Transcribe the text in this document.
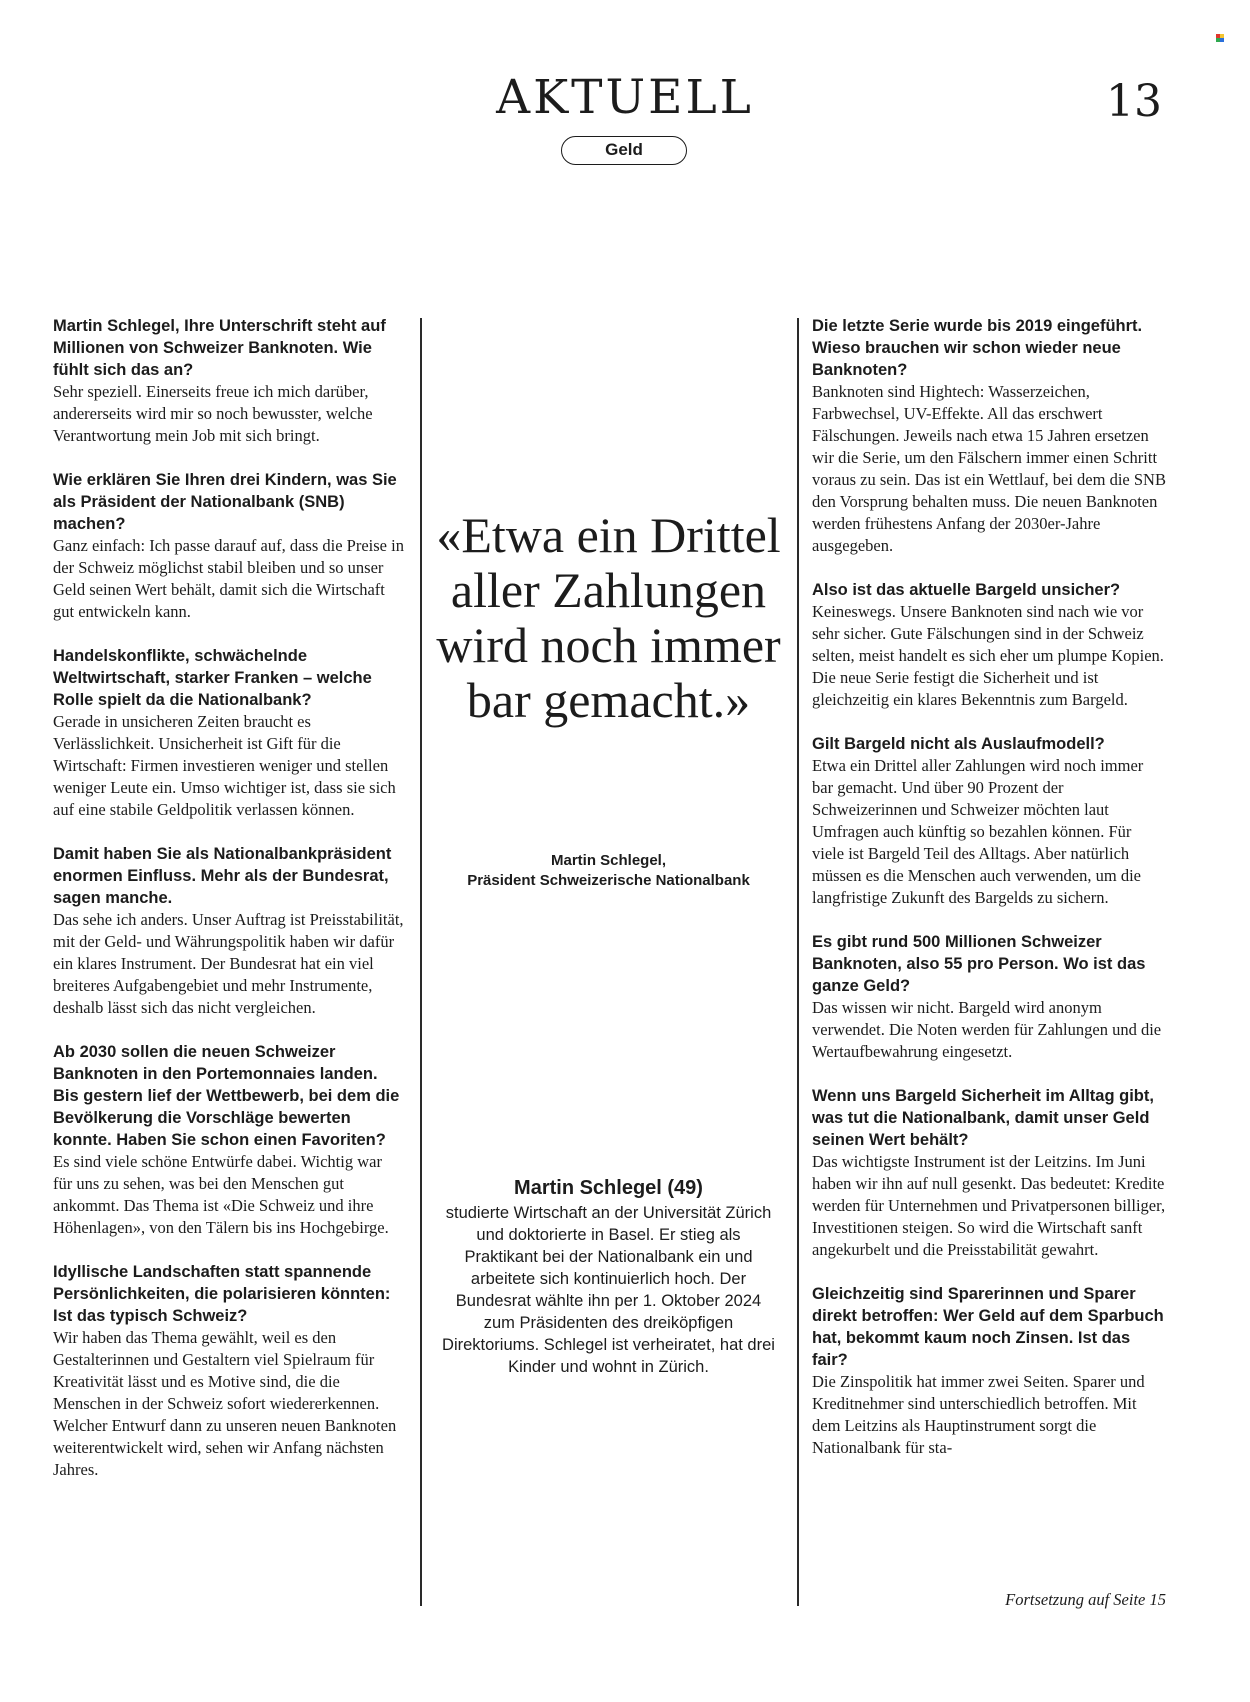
AKTUELL
Geld
13

Martin Schlegel, Ihre Unterschrift steht auf Millionen von Schweizer Banknoten. Wie fühlt sich das an?

Sehr speziell. Einerseits freue ich mich darüber, andererseits wird mir so noch bewusster, welche Verantwortung mein Job mit sich bringt.

Wie erklären Sie Ihren drei Kindern, was Sie als Präsident der Nationalbank (SNB) machen?

Ganz einfach: Ich passe darauf auf, dass die Preise in der Schweiz möglichst stabil bleiben und so unser Geld seinen Wert behält, damit sich die Wirtschaft gut entwickeln kann.

Handelskonflikte, schwächelnde Weltwirtschaft, starker Franken – welche Rolle spielt da die Nationalbank?

Gerade in unsicheren Zeiten braucht es Verlässlichkeit. Unsicherheit ist Gift für die Wirtschaft: Firmen investieren weniger und stellen weniger Leute ein. Umso wichtiger ist, dass sie sich auf eine stabile Geldpolitik verlassen können.

Damit haben Sie als Nationalbankpräsident enormen Einfluss. Mehr als der Bundesrat, sagen manche.

Das sehe ich anders. Unser Auftrag ist Preisstabilität, mit der Geld- und Währungspolitik haben wir dafür ein klares Instrument. Der Bundesrat hat ein viel breiteres Aufgabengebiet und mehr Instrumente, deshalb lässt sich das nicht vergleichen.

Ab 2030 sollen die neuen Schweizer Banknoten in den Portemonnaies landen. Bis gestern lief der Wettbewerb, bei dem die Bevölkerung die Vorschläge bewerten konnte. Haben Sie schon einen Favoriten?

Es sind viele schöne Entwürfe dabei. Wichtig war für uns zu sehen, was bei den Menschen gut ankommt. Das Thema ist «Die Schweiz und ihre Höhenlagen», von den Tälern bis ins Hochgebirge.

Idyllische Landschaften statt spannende Persönlichkeiten, die polarisieren könnten: Ist das typisch Schweiz?

Wir haben das Thema gewählt, weil es den Gestalterinnen und Gestaltern viel Spielraum für Kreativität lässt und es Motive sind, die die Menschen in der Schweiz sofort wiedererkennen. Welcher Entwurf dann zu unseren neuen Banknoten weiterentwickelt wird, sehen wir Anfang nächsten Jahres.

«Etwa ein Drittel aller Zahlungen wird noch immer bar gemacht.»
Martin Schlegel,
Präsident Schweizerische Nationalbank

Martin Schlegel (49)

studierte Wirtschaft an der Universität Zürich und doktorierte in Basel. Er stieg als Praktikant bei der Nationalbank ein und arbeitete sich kontinuierlich hoch. Der Bundesrat wählte ihn per 1. Oktober 2024 zum Präsidenten des dreiköpfigen Direktoriums. Schlegel ist verheiratet, hat drei Kinder und wohnt in Zürich.

Die letzte Serie wurde bis 2019 eingeführt. Wieso brauchen wir schon wieder neue Banknoten?

Banknoten sind Hightech: Wasserzeichen, Farbwechsel, UV-Effekte. All das erschwert Fälschungen. Jeweils nach etwa 15 Jahren ersetzen wir die Serie, um den Fälschern immer einen Schritt voraus zu sein. Das ist ein Wettlauf, bei dem die SNB den Vorsprung behalten muss. Die neuen Banknoten werden frühestens Anfang der 2030er-Jahre ausgegeben.

Also ist das aktuelle Bargeld unsicher?

Keineswegs. Unsere Banknoten sind nach wie vor sehr sicher. Gute Fälschungen sind in der Schweiz selten, meist handelt es sich eher um plumpe Kopien. Die neue Serie festigt die Sicherheit und ist gleichzeitig ein klares Bekenntnis zum Bargeld.

Gilt Bargeld nicht als Auslaufmodell?

Etwa ein Drittel aller Zahlungen wird noch immer bar gemacht. Und über 90 Prozent der Schweizerinnen und Schweizer möchten laut Umfragen auch künftig so bezahlen können. Für viele ist Bargeld Teil des Alltags. Aber natürlich müssen es die Menschen auch verwenden, um die langfristige Zukunft des Bargelds zu sichern.

Es gibt rund 500 Millionen Schweizer Banknoten, also 55 pro Person. Wo ist das ganze Geld?

Das wissen wir nicht. Bargeld wird anonym verwendet. Die Noten werden für Zahlungen und die Wertaufbewahrung eingesetzt.

Wenn uns Bargeld Sicherheit im Alltag gibt, was tut die Nationalbank, damit unser Geld seinen Wert behält?

Das wichtigste Instrument ist der Leitzins. Im Juni haben wir ihn auf null gesenkt. Das bedeutet: Kredite werden für Unternehmen und Privatpersonen billiger, Investitionen steigen. So wird die Wirtschaft sanft angekurbelt und die Preisstabilität gewahrt.

Gleichzeitig sind Sparerinnen und Sparer direkt betroffen: Wer Geld auf dem Sparbuch hat, bekommt kaum noch Zinsen. Ist das fair?

Die Zinspolitik hat immer zwei Seiten. Sparer und Kreditnehmer sind unterschiedlich betroffen. Mit dem Leitzins als Hauptinstrument sorgt die Nationalbank für sta-

Fortsetzung auf Seite 15
